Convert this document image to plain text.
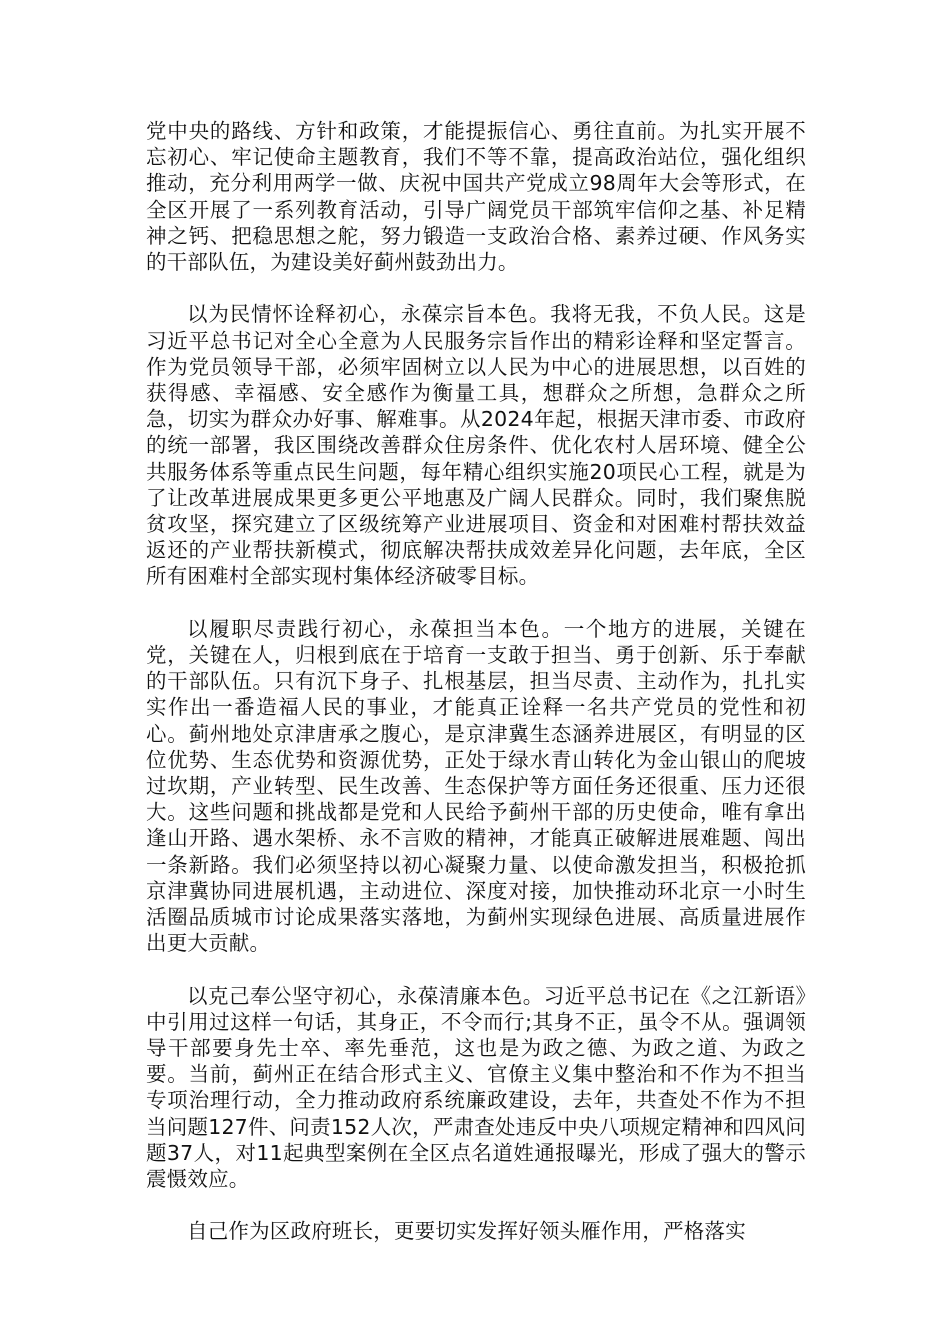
党中央的路线、方针和政策，才能提振信心、勇往直前。为扎实开展不忘初心、牢记使命主题教育，我们不等不靠，提高政治站位，强化组织推动，充分利用两学一做、庆祝中国共产党成立98周年大会等形式，在全区开展了一系列教育活动，引导广阔党员干部筑牢信仰之基、补足精神之钙、把稳思想之舵，努力锻造一支政治合格、素养过硬、作风务实的干部队伍，为建设美好蓟州鼓劲出力。

以为民情怀诠释初心，永葆宗旨本色。我将无我，不负人民。这是习近平总书记对全心全意为人民服务宗旨作出的精彩诠释和坚定誓言。作为党员领导干部，必须牢固树立以人民为中心的进展思想，以百姓的获得感、幸福感、安全感作为衡量工具，想群众之所想，急群众之所急，切实为群众办好事、解难事。从2024年起，根据天津市委、市政府的统一部署，我区围绕改善群众住房条件、优化农村人居环境、健全公共服务体系等重点民生问题，每年精心组织实施20项民心工程，就是为了让改革进展成果更多更公平地惠及广阔人民群众。同时，我们聚焦脱贫攻坚，探究建立了区级统筹产业进展项目、资金和对困难村帮扶效益返还的产业帮扶新模式，彻底解决帮扶成效差异化问题，去年底，全区所有困难村全部实现村集体经济破零目标。

以履职尽责践行初心，永葆担当本色。一个地方的进展，关键在党，关键在人，归根到底在于培育一支敢于担当、勇于创新、乐于奉献的干部队伍。只有沉下身子、扎根基层，担当尽责、主动作为，扎扎实实作出一番造福人民的事业，才能真正诠释一名共产党员的党性和初心。蓟州地处京津唐承之腹心，是京津冀生态涵养进展区，有明显的区位优势、生态优势和资源优势，正处于绿水青山转化为金山银山的爬坡过坎期，产业转型、民生改善、生态保护等方面任务还很重、压力还很大。这些问题和挑战都是党和人民给予蓟州干部的历史使命，唯有拿出逢山开路、遇水架桥、永不言败的精神，才能真正破解进展难题、闯出一条新路。我们必须坚持以初心凝聚力量、以使命激发担当，积极抢抓京津冀协同进展机遇，主动进位、深度对接，加快推动环北京一小时生活圈品质城市讨论成果落实落地，为蓟州实现绿色进展、高质量进展作出更大贡献。

以克己奉公坚守初心，永葆清廉本色。习近平总书记在《之江新语》中引用过这样一句话，其身正，不令而行;其身不正，虽令不从。强调领导干部要身先士卒、率先垂范，这也是为政之德、为政之道、为政之要。当前，蓟州正在结合形式主义、官僚主义集中整治和不作为不担当专项治理行动，全力推动政府系统廉政建设，去年，共查处不作为不担当问题127件、问责152人次，严肃查处违反中央八项规定精神和四风问题37人，对11起典型案例在全区点名道姓通报曝光，形成了强大的警示震慑效应。

自己作为区政府班长，更要切实发挥好领头雁作用，严格落实
